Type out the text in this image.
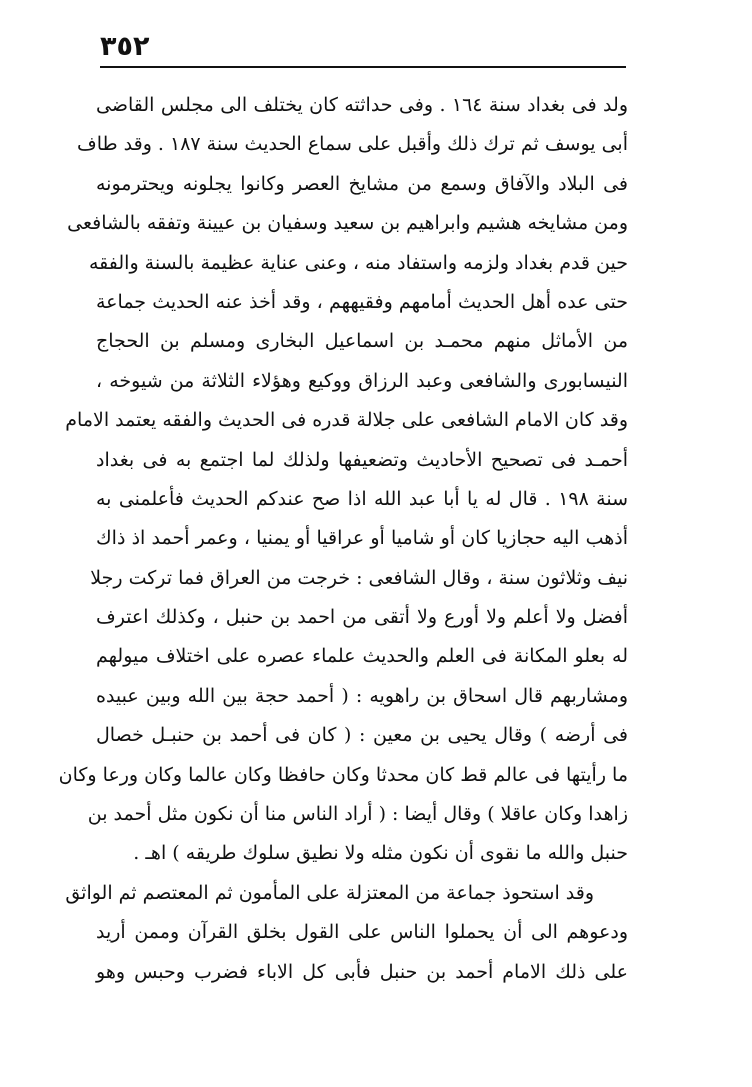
٣٥٢
ولد فى بغداد سنة ١٦٤ . وفى حداثته كان يختلف الى مجلس القاضى
أبى يوسف ثم ترك ذلك وأقبل على سماع الحديث سنة ١٨٧ . وقد طاف
فى البلاد والآفاق وسمع من مشايخ العصر وكانوا يجلونه ويحترمونه
ومن مشايخه هشيم وابراهيم بن سعيد وسفيان بن عيينة وتفقه بالشافعى
حين قدم بغداد ولزمه واستفاد منه ، وعنى عناية عظيمة بالسنة والفقه
حتى عده أهل الحديث أمامهم وفقيههم ، وقد أخذ عنه الحديث جماعة
من الأماثل منهم محمـد بن اسماعيل البخارى ومسلم بن الحجاج
النيسابورى والشافعى وعبد الرزاق ووكيع وهؤلاء الثلاثة من شيوخه ،
وقد كان الامام الشافعى على جلالة قدره فى الحديث والفقه يعتمد الامام
أحمـد فى تصحيح الأحاديث وتضعيفها ولذلك لما اجتمع به فى بغداد
سنة ١٩٨ . قال له يا أبا عبد الله اذا صح عندكم الحديث فأعلمنى به
أذهب اليه حجازيا كان أو شاميا أو عراقيا أو يمنيا ، وعمر أحمد اذ ذاك
نيف وثلاثون سنة ، وقال الشافعى : خرجت من العراق فما تركت رجلا
أفضل ولا أعلم ولا أورع ولا أتقى من احمد بن حنبل ، وكذلك اعترف
له بعلو المكانة فى العلم والحديث علماء عصره على اختلاف ميولهم
ومشاربهم قال اسحاق بن راهويه : ( أحمد حجة بين الله وبين عبيده
فى أرضه ) وقال يحيى بن معين : ( كان فى أحمد بن حنبـل خصال
ما رأيتها فى عالم قط كان محدثا وكان حافظا وكان عالما وكان ورعا وكان
زاهدا وكان عاقلا ) وقال أيضا : ( أراد الناس منا أن نكون مثل أحمد بن
حنبل والله ما نقوى أن نكون مثله ولا نطيق سلوك طريقه ) اهـ .
وقد استحوذ جماعة من المعتزلة على المأمون ثم المعتصم ثم الواثق
ودعوهم الى أن يحملوا الناس على القول بخلق القرآن وممن أريد
على ذلك الامام أحمد بن حنبل فأبى كل الاباء فضرب وحبس وهو
